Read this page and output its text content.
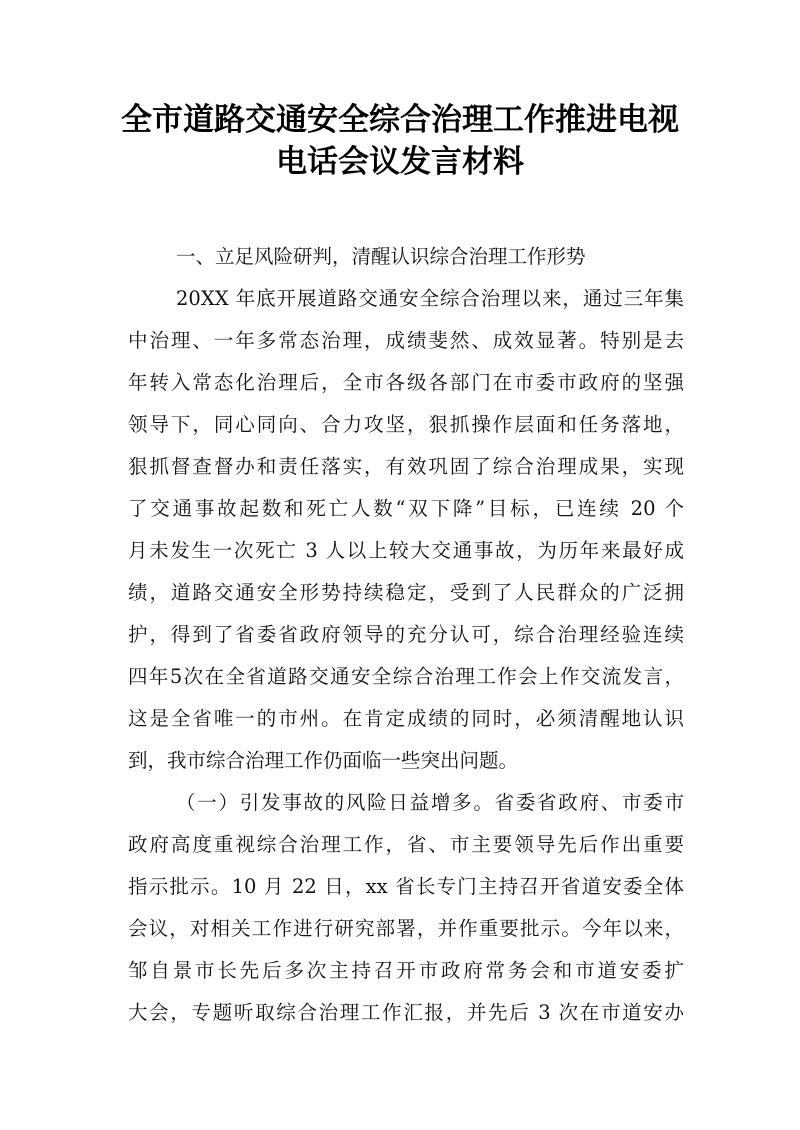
全市道路交通安全综合治理工作推进电视
电话会议发言材料
一、立足风险研判，清醒认识综合治理工作形势
20XX 年底开展道路交通安全综合治理以来，通过三年集
中治理、一年多常态治理，成绩斐然、成效显著。特别是去
年转入常态化治理后，全市各级各部门在市委市政府的坚强
领导下，同心同向、合力攻坚，狠抓操作层面和任务落地，
狠抓督查督办和责任落实，有效巩固了综合治理成果，实现
了交通事故起数和死亡人数“双下降”目标，已连续 20 个
月未发生一次死亡 3 人以上较大交通事故，为历年来最好成
绩，道路交通安全形势持续稳定，受到了人民群众的广泛拥
护，得到了省委省政府领导的充分认可，综合治理经验连续
四年5次在全省道路交通安全综合治理工作会上作交流发言，
这是全省唯一的市州。在肯定成绩的同时，必须清醒地认识
到，我市综合治理工作仍面临一些突出问题。
（一）引发事故的风险日益增多。省委省政府、市委市
政府高度重视综合治理工作，省、市主要领导先后作出重要
指示批示。10 月 22 日，xx 省长专门主持召开省道安委全体
会议，对相关工作进行研究部署，并作重要批示。今年以来，
邹自景市长先后多次主持召开市政府常务会和市道安委扩
大会，专题听取综合治理工作汇报，并先后 3 次在市道安办
